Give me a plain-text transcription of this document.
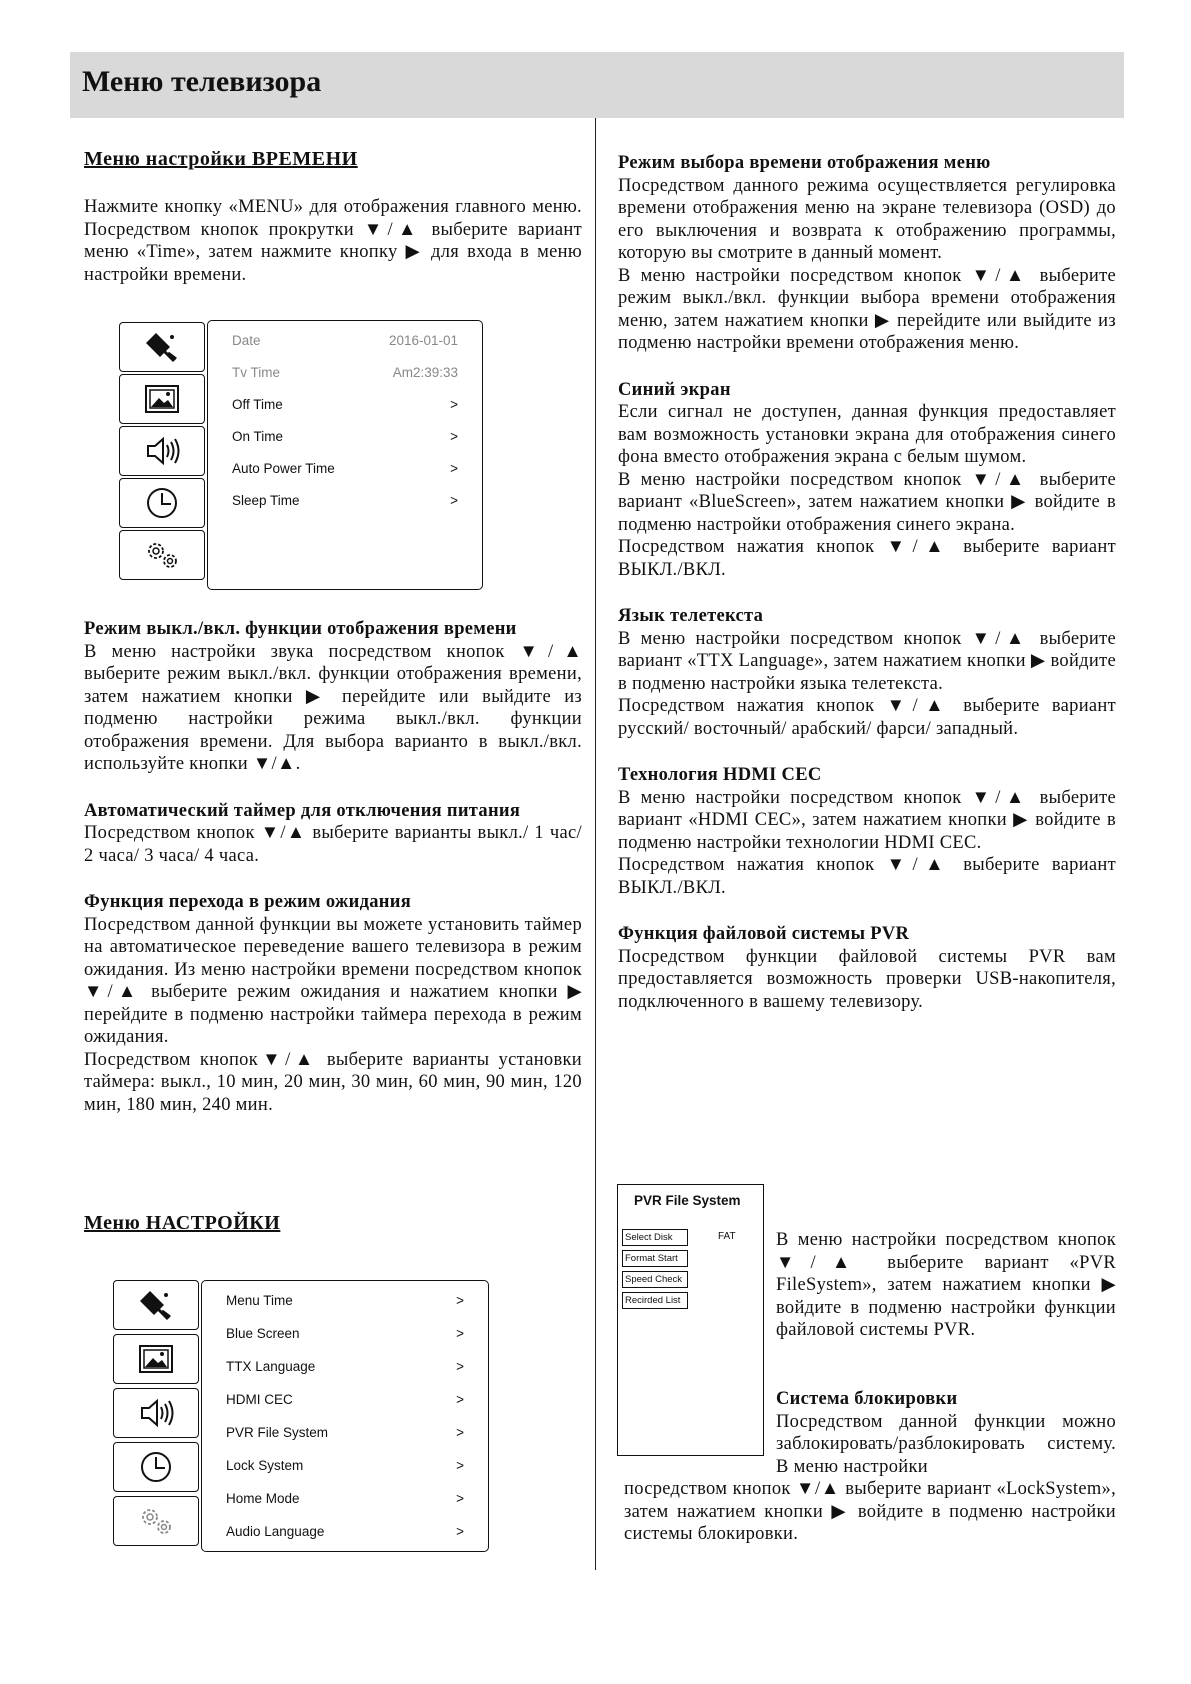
Меню телевизора
Меню настройки ВРЕМЕНИ
Нажмите кнопку «MENU» для отображения главного меню. Посредством кнопок прокрутки ▼/▲ выберите вариант меню «Time», затем нажмите кнопку ▶ для входа в меню настройки времени.
Date	2016-01-01
Tv Time	Am2:39:33
Off Time	>
On Time	>
Auto Power Time	>
Sleep Time	>
Режим выкл./вкл. функции отображения времени

В меню настройки звука посредством кнопок ▼/▲ выберите режим выкл./вкл. функции отображения времени, затем нажатием кнопки ▶ перейдите или выйдите из подменю настройки режима выкл./вкл. функции отображения времени. Для выбора варианто в выкл./вкл. используйте кнопки ▼/▲.

Автоматический таймер для отключения питания

Посредством кнопок ▼/▲ выберите варианты выкл./ 1 час/ 2 часа/ 3 часа/ 4 часа.

Функция перехода в режим ожидания

Посредством данной функции вы можете установить таймер на автоматическое переведение вашего телевизора в режим ожидания. Из меню настройки времени посредством кнопок ▼/▲ выберите режим ожидания и нажатием кнопки ▶ перейдите в подменю настройки таймера перехода в режим ожидания.

Посредством кнопок▼/▲ выберите варианты установки таймера: выкл., 10 мин, 20 мин, 30 мин, 60 мин, 90 мин, 120 мин, 180 мин, 240 мин.

Меню НАСТРОЙКИ
Menu Time	>
Blue Screen	>
TTX Language	>
HDMI CEC	>
PVR File System	>
Lock System	>
Home Mode	>
Audio Language	>
Режим выбора времени отображения меню

Посредством данного режима осуществляется регулировка времени отображения меню на экране телевизора (OSD) до его выключения и возврата к отображению программы, которую вы смотрите в данный момент.

В меню настройки посредством кнопок ▼/▲ выберите режим выкл./вкл. функции выбора времени отображения меню, затем нажатием кнопки ▶ перейдите или выйдите из подменю настройки времени отображения меню.

Синий экран

Если сигнал не доступен, данная функция предоставляет вам возможность установки экрана для отображения синего фона вместо отображения экрана с белым шумом.

В меню настройки посредством кнопок ▼/▲ выберите вариант «BlueScreen», затем нажатием кнопки ▶ войдите в подменю настройки отображения синего экрана.

Посредством нажатия кнопок ▼/▲ выберите вариант ВЫКЛ./ВКЛ.

Язык телетекста

В меню настройки посредством кнопок ▼/▲ выберите вариант «TTX Language», затем нажатием кнопки ▶ войдите в подменю настройки языка телетекста.

Посредством нажатия кнопок ▼/▲ выберите вариант русский/ восточный/ арабский/ фарси/ западный.

Технология HDMI CEC

В меню настройки посредством кнопок ▼/▲ выберите вариант «HDMI CEC», затем нажатием кнопки ▶ войдите в подменю настройки технологии HDMI CEC.

Посредством нажатия кнопок ▼/▲ выберите вариант ВЫКЛ./ВКЛ.

Функция файловой системы PVR

Посредством функции файловой системы PVR вам предоставляется возможность проверки USB-накопителя, подключенного в вашему телевизору.

PVR File System
Select Disk
Format Start
Speed Check
Recirded List
FAT В меню настройки посредством кнопок ▼/▲ выберите вариант «PVR FileSystem», затем нажатием кнопки ▶ войдите в подменю настройки функции файловой системы PVR.
Система блокировки

Посредством данной функции можно заблокировать/разблокировать систему. В меню настройки

посредством кнопок ▼/▲ выберите вариант «LockSystem», затем нажатием кнопки ▶ войдите в подменю настройки системы блокировки.
